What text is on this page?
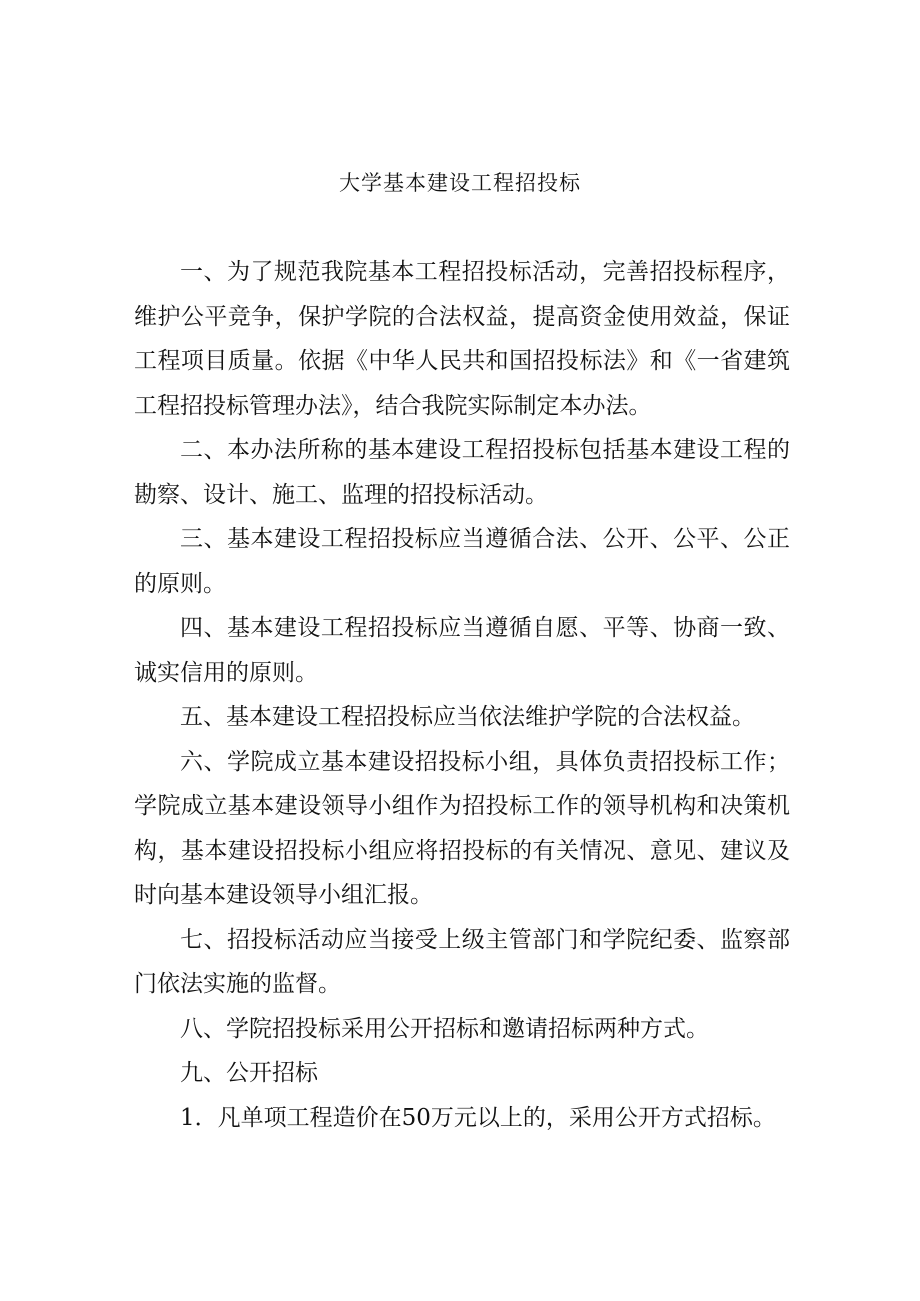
大学基本建设工程招投标

一、为了规范我院基本工程招投标活动，完善招投标程序，维护公平竞争，保护学院的合法权益，提高资金使用效益，保证工程项目质量。依据《中华人民共和国招投标法》和《一省建筑工程招投标管理办法》，结合我院实际制定本办法。

二、本办法所称的基本建设工程招投标包括基本建设工程的勘察、设计、施工、监理的招投标活动。

三、基本建设工程招投标应当遵循合法、公开、公平、公正的原则。

四、基本建设工程招投标应当遵循自愿、平等、协商一致、诚实信用的原则。

五、基本建设工程招投标应当依法维护学院的合法权益。

六、学院成立基本建设招投标小组，具体负责招投标工作；学院成立基本建设领导小组作为招投标工作的领导机构和决策机构，基本建设招投标小组应将招投标的有关情况、意见、建议及时向基本建设领导小组汇报。

七、招投标活动应当接受上级主管部门和学院纪委、监察部门依法实施的监督。

八、学院招投标采用公开招标和邀请招标两种方式。

九、公开招标

1．凡单项工程造价在50万元以上的，采用公开方式招标。
